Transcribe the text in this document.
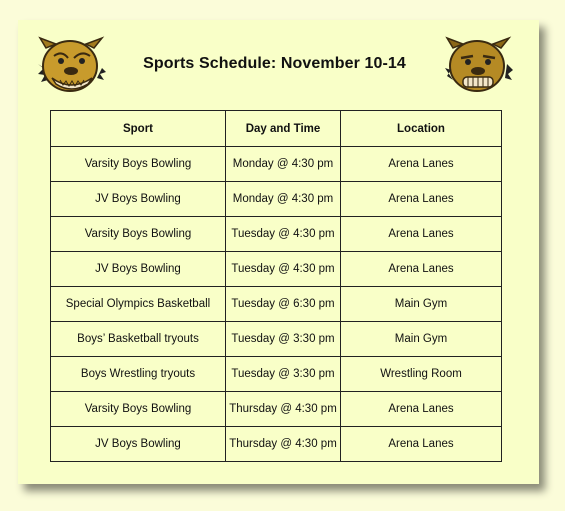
Sports Schedule: November 10-14
Sport	Day and Time	Location
Varsity Boys Bowling	Monday @ 4:30 pm	Arena Lanes
JV Boys Bowling	Monday @ 4:30 pm	Arena Lanes
Varsity Boys Bowling	Tuesday @ 4:30 pm	Arena Lanes
JV Boys Bowling	Tuesday @ 4:30 pm	Arena Lanes
Special Olympics Basketball	Tuesday @ 6:30 pm	Main Gym
Boys’ Basketball tryouts	Tuesday @ 3:30 pm	Main Gym
Boys Wrestling tryouts	Tuesday @ 3:30 pm	Wrestling Room
Varsity Boys Bowling	Thursday @ 4:30 pm	Arena Lanes
JV Boys Bowling	Thursday @ 4:30 pm	Arena Lanes
